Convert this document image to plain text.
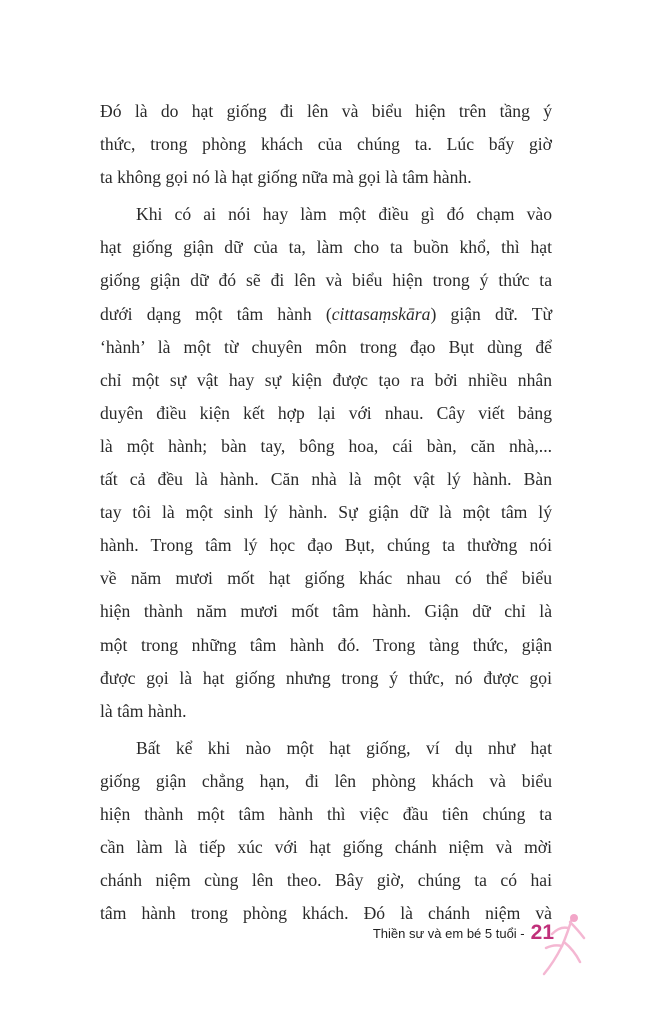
Đó là do hạt giống đi lên và biểu hiện trên tầng ý
thức, trong phòng khách của chúng ta. Lúc bấy giờ
ta không gọi nó là hạt giống nữa mà gọi là tâm hành.
Khi có ai nói hay làm một điều gì đó chạm vào
hạt giống giận dữ của ta, làm cho ta buồn khổ, thì hạt
giống giận dữ đó sẽ đi lên và biểu hiện trong ý thức ta
dưới dạng một tâm hành (cittasaṃskāra) giận dữ. Từ
‘hành’ là một từ chuyên môn trong đạo Bụt dùng để
chỉ một sự vật hay sự kiện được tạo ra bởi nhiều nhân
duyên điều kiện kết hợp lại với nhau. Cây viết bảng
là một hành; bàn tay, bông hoa, cái bàn, căn nhà,...
tất cả đều là hành. Căn nhà là một vật lý hành. Bàn
tay tôi là một sinh lý hành. Sự giận dữ là một tâm lý
hành. Trong tâm lý học đạo Bụt, chúng ta thường nói
về năm mươi mốt hạt giống khác nhau có thể biểu
hiện thành năm mươi mốt tâm hành. Giận dữ chỉ là
một trong những tâm hành đó. Trong tàng thức, giận
được gọi là hạt giống nhưng trong ý thức, nó được gọi
là tâm hành.
Bất kể khi nào một hạt giống, ví dụ như hạt
giống giận chẳng hạn, đi lên phòng khách và biểu
hiện thành một tâm hành thì việc đầu tiên chúng ta
cần làm là tiếp xúc với hạt giống chánh niệm và mời
chánh niệm cùng lên theo. Bây giờ, chúng ta có hai
tâm hành trong phòng khách. Đó là chánh niệm và
Thiền sư và em bé 5 tuổi - 21
